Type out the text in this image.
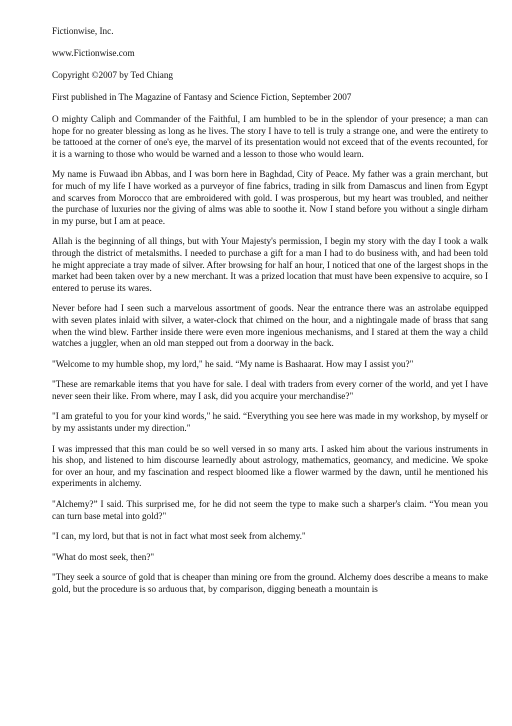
Fictionwise, Inc.

www.Fictionwise.com

Copyright ©2007 by Ted Chiang

First published in The Magazine of Fantasy and Science Fiction, September 2007

O mighty Caliph and Commander of the Faithful, I am humbled to be in the splendor of your presence; a man can hope for no greater blessing as long as he lives. The story I have to tell is truly a strange one, and were the entirety to be tattooed at the corner of one's eye, the marvel of its presentation would not exceed that of the events recounted, for it is a warning to those who would be warned and a lesson to those who would learn.

My name is Fuwaad ibn Abbas, and I was born here in Baghdad, City of Peace. My father was a grain merchant, but for much of my life I have worked as a purveyor of fine fabrics, trading in silk from Damascus and linen from Egypt and scarves from Morocco that are embroidered with gold. I was prosperous, but my heart was troubled, and neither the purchase of luxuries nor the giving of alms was able to soothe it. Now I stand before you without a single dirham in my purse, but I am at peace.

Allah is the beginning of all things, but with Your Majesty's permission, I begin my story with the day I took a walk through the district of metalsmiths. I needed to purchase a gift for a man I had to do business with, and had been told he might appreciate a tray made of silver. After browsing for half an hour, I noticed that one of the largest shops in the market had been taken over by a new merchant. It was a prized location that must have been expensive to acquire, so I entered to peruse its wares.

Never before had I seen such a marvelous assortment of goods. Near the entrance there was an astrolabe equipped with seven plates inlaid with silver, a water-clock that chimed on the hour, and a nightingale made of brass that sang when the wind blew. Farther inside there were even more ingenious mechanisms, and I stared at them the way a child watches a juggler, when an old man stepped out from a doorway in the back.

"Welcome to my humble shop, my lord," he said. “My name is Bashaarat. How may I assist you?"

"These are remarkable items that you have for sale. I deal with traders from every corner of the world, and yet I have never seen their like. From where, may I ask, did you acquire your merchandise?"

"I am grateful to you for your kind words," he said. “Everything you see here was made in my workshop, by myself or by my assistants under my direction."

I was impressed that this man could be so well versed in so many arts. I asked him about the various instruments in his shop, and listened to him discourse learnedly about astrology, mathematics, geomancy, and medicine. We spoke for over an hour, and my fascination and respect bloomed like a flower warmed by the dawn, until he mentioned his experiments in alchemy.

"Alchemy?” I said. This surprised me, for he did not seem the type to make such a sharper's claim. “You mean you can turn base metal into gold?"

"I can, my lord, but that is not in fact what most seek from alchemy."

"What do most seek, then?"

"They seek a source of gold that is cheaper than mining ore from the ground. Alchemy does describe a means to make gold, but the procedure is so arduous that, by comparison, digging beneath a mountain is
